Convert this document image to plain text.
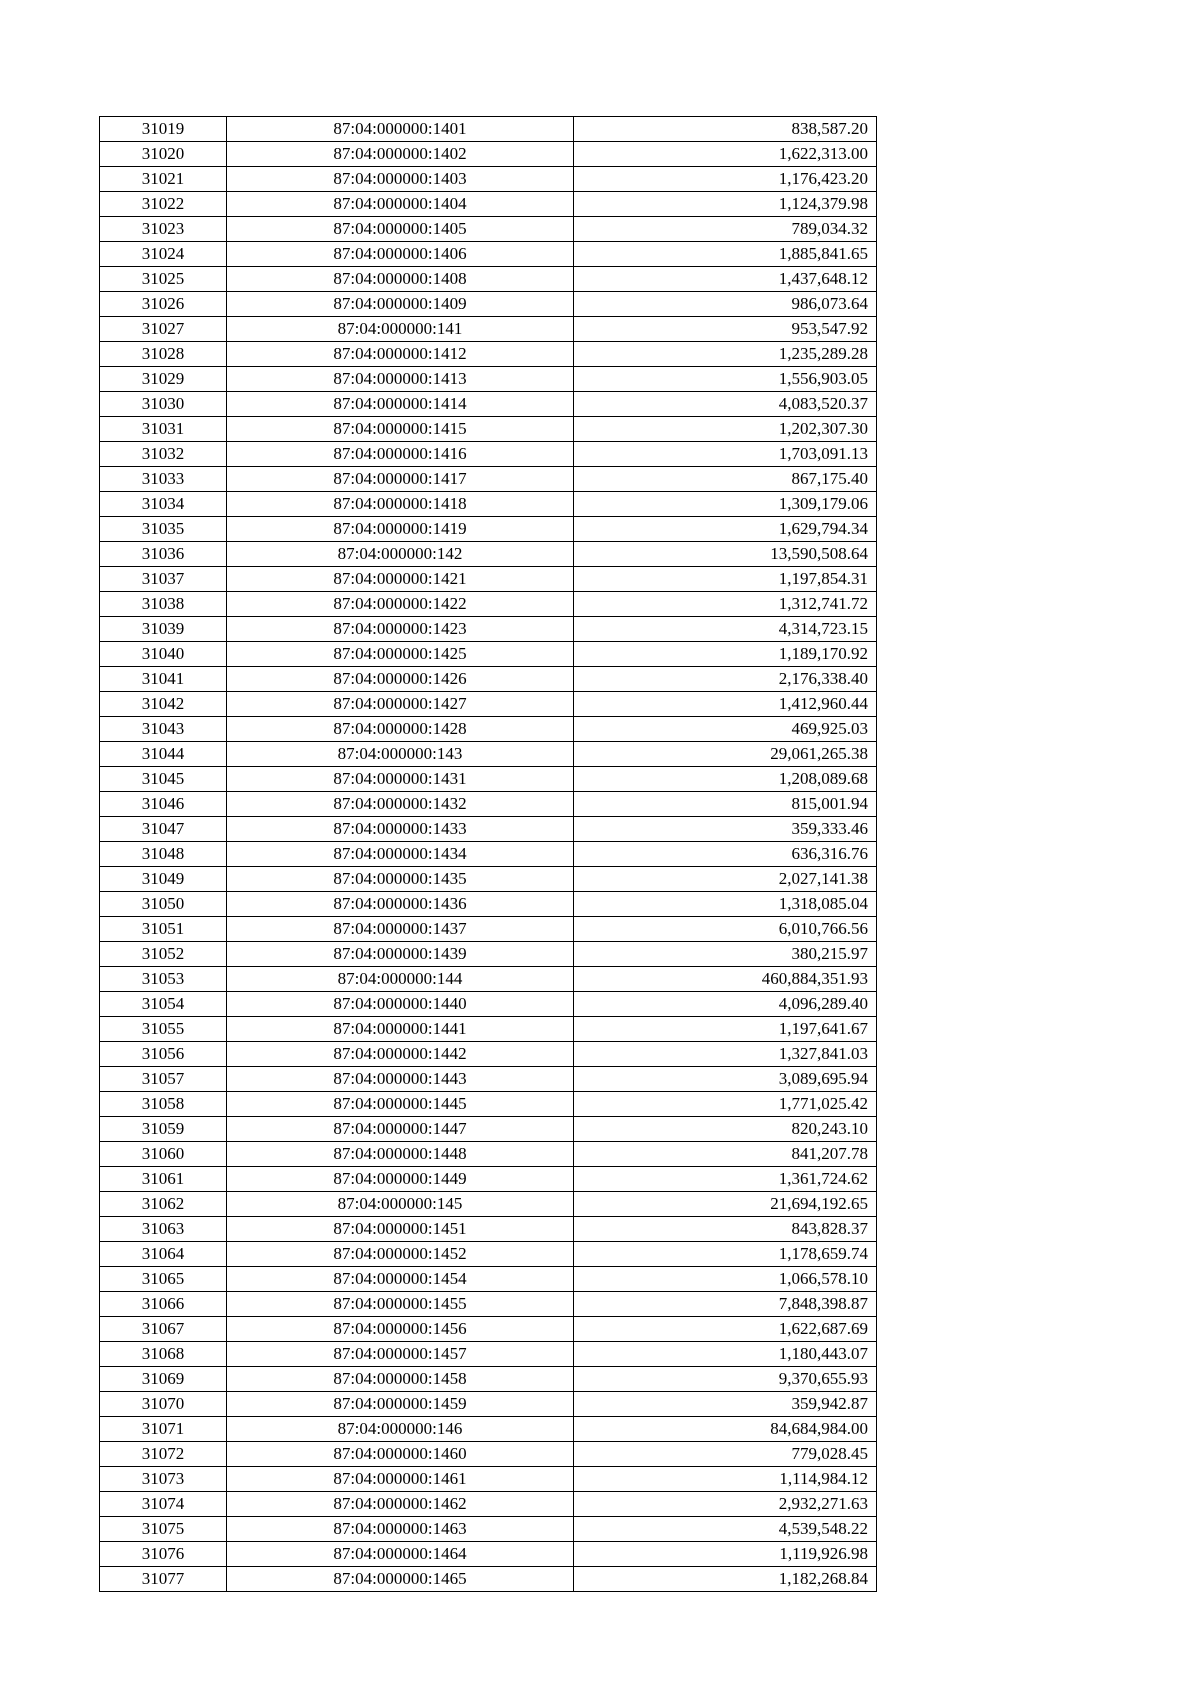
31019	87:04:000000:1401	838,587.20
31020	87:04:000000:1402	1,622,313.00
31021	87:04:000000:1403	1,176,423.20
31022	87:04:000000:1404	1,124,379.98
31023	87:04:000000:1405	789,034.32
31024	87:04:000000:1406	1,885,841.65
31025	87:04:000000:1408	1,437,648.12
31026	87:04:000000:1409	986,073.64
31027	87:04:000000:141	953,547.92
31028	87:04:000000:1412	1,235,289.28
31029	87:04:000000:1413	1,556,903.05
31030	87:04:000000:1414	4,083,520.37
31031	87:04:000000:1415	1,202,307.30
31032	87:04:000000:1416	1,703,091.13
31033	87:04:000000:1417	867,175.40
31034	87:04:000000:1418	1,309,179.06
31035	87:04:000000:1419	1,629,794.34
31036	87:04:000000:142	13,590,508.64
31037	87:04:000000:1421	1,197,854.31
31038	87:04:000000:1422	1,312,741.72
31039	87:04:000000:1423	4,314,723.15
31040	87:04:000000:1425	1,189,170.92
31041	87:04:000000:1426	2,176,338.40
31042	87:04:000000:1427	1,412,960.44
31043	87:04:000000:1428	469,925.03
31044	87:04:000000:143	29,061,265.38
31045	87:04:000000:1431	1,208,089.68
31046	87:04:000000:1432	815,001.94
31047	87:04:000000:1433	359,333.46
31048	87:04:000000:1434	636,316.76
31049	87:04:000000:1435	2,027,141.38
31050	87:04:000000:1436	1,318,085.04
31051	87:04:000000:1437	6,010,766.56
31052	87:04:000000:1439	380,215.97
31053	87:04:000000:144	460,884,351.93
31054	87:04:000000:1440	4,096,289.40
31055	87:04:000000:1441	1,197,641.67
31056	87:04:000000:1442	1,327,841.03
31057	87:04:000000:1443	3,089,695.94
31058	87:04:000000:1445	1,771,025.42
31059	87:04:000000:1447	820,243.10
31060	87:04:000000:1448	841,207.78
31061	87:04:000000:1449	1,361,724.62
31062	87:04:000000:145	21,694,192.65
31063	87:04:000000:1451	843,828.37
31064	87:04:000000:1452	1,178,659.74
31065	87:04:000000:1454	1,066,578.10
31066	87:04:000000:1455	7,848,398.87
31067	87:04:000000:1456	1,622,687.69
31068	87:04:000000:1457	1,180,443.07
31069	87:04:000000:1458	9,370,655.93
31070	87:04:000000:1459	359,942.87
31071	87:04:000000:146	84,684,984.00
31072	87:04:000000:1460	779,028.45
31073	87:04:000000:1461	1,114,984.12
31074	87:04:000000:1462	2,932,271.63
31075	87:04:000000:1463	4,539,548.22
31076	87:04:000000:1464	1,119,926.98
31077	87:04:000000:1465	1,182,268.84
